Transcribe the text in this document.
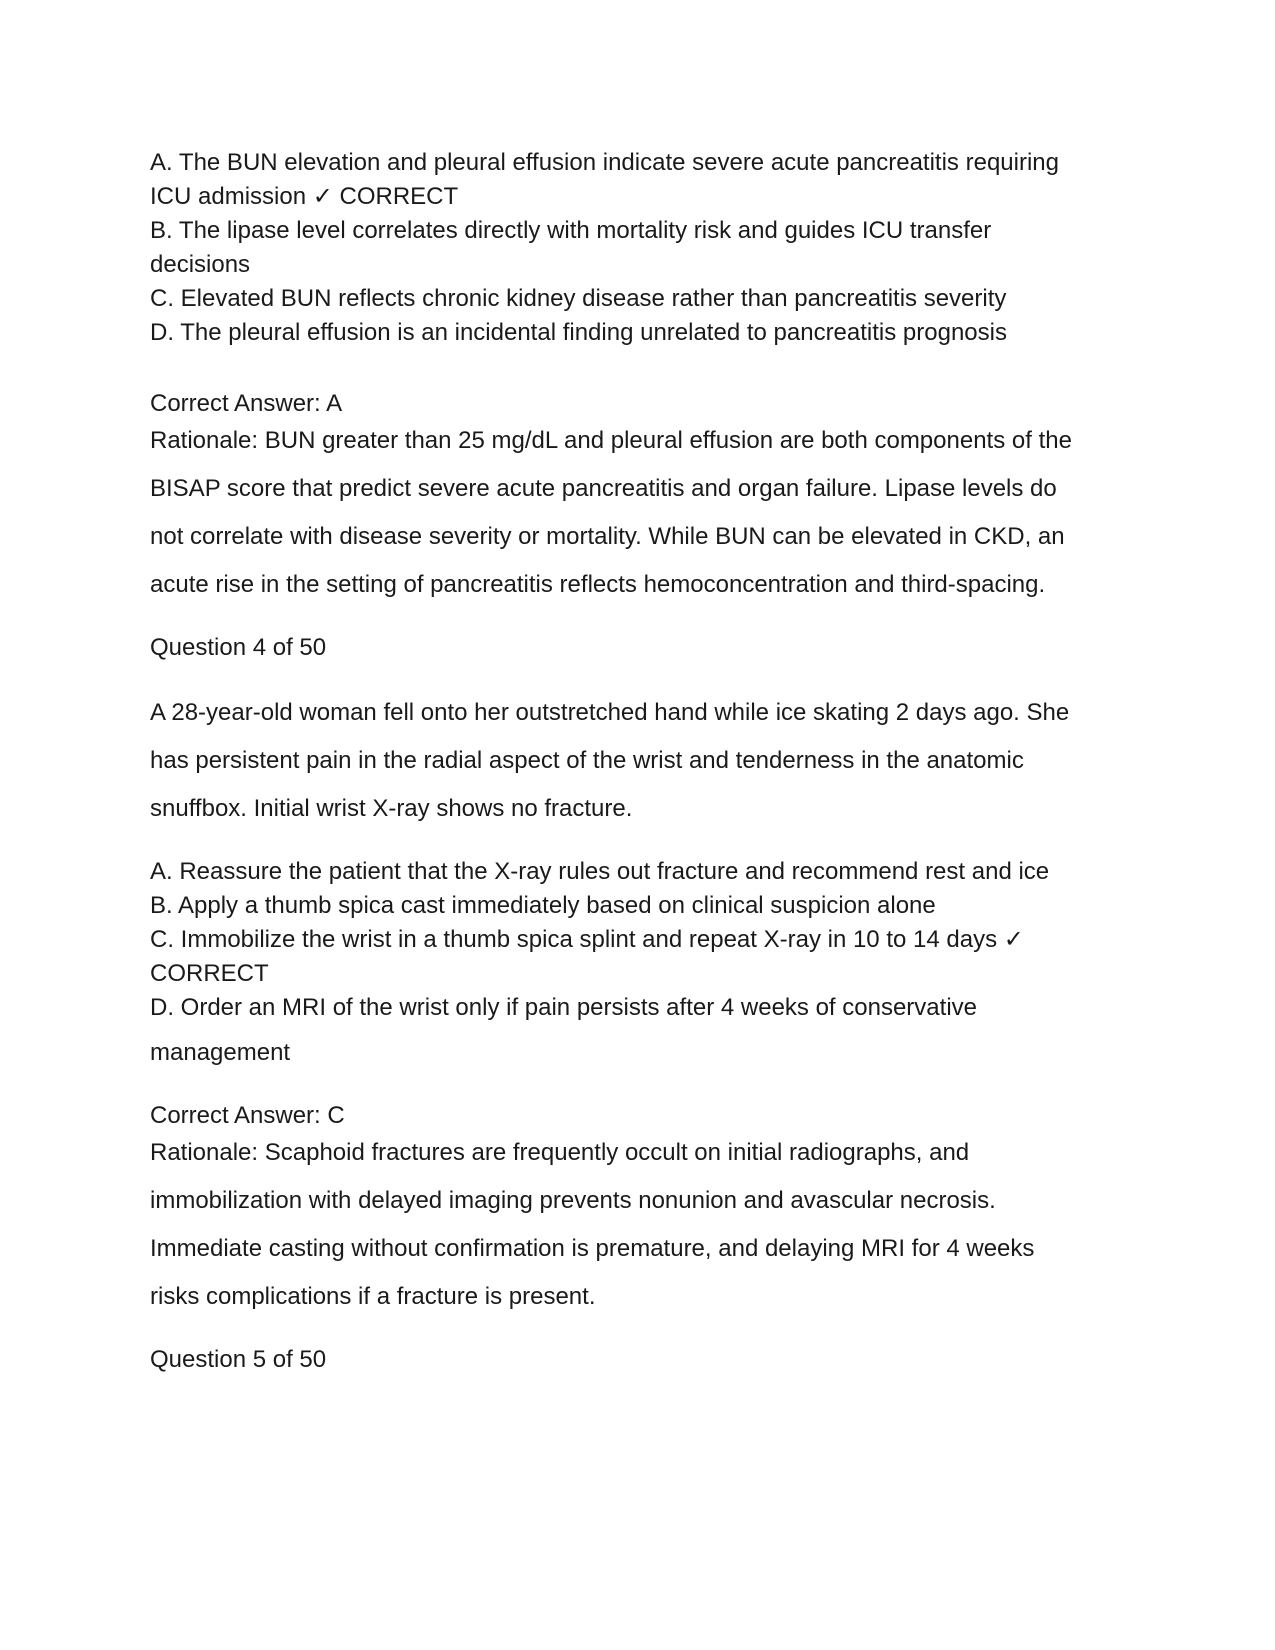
A. The BUN elevation and pleural effusion indicate severe acute pancreatitis requiring
ICU admission ✓ CORRECT
B. The lipase level correlates directly with mortality risk and guides ICU transfer
decisions
C. Elevated BUN reflects chronic kidney disease rather than pancreatitis severity
D. The pleural effusion is an incidental finding unrelated to pancreatitis prognosis
Correct Answer: A
Rationale: BUN greater than 25 mg/dL and pleural effusion are both components of the
BISAP score that predict severe acute pancreatitis and organ failure. Lipase levels do
not correlate with disease severity or mortality. While BUN can be elevated in CKD, an
acute rise in the setting of pancreatitis reflects hemoconcentration and third-spacing.
Question 4 of 50
A 28-year-old woman fell onto her outstretched hand while ice skating 2 days ago. She
has persistent pain in the radial aspect of the wrist and tenderness in the anatomic
snuffbox. Initial wrist X-ray shows no fracture.
A. Reassure the patient that the X-ray rules out fracture and recommend rest and ice
B. Apply a thumb spica cast immediately based on clinical suspicion alone
C. Immobilize the wrist in a thumb spica splint and repeat X-ray in 10 to 14 days ✓
CORRECT
D. Order an MRI of the wrist only if pain persists after 4 weeks of conservative
management
Correct Answer: C
Rationale: Scaphoid fractures are frequently occult on initial radiographs, and
immobilization with delayed imaging prevents nonunion and avascular necrosis.
Immediate casting without confirmation is premature, and delaying MRI for 4 weeks
risks complications if a fracture is present.
Question 5 of 50
